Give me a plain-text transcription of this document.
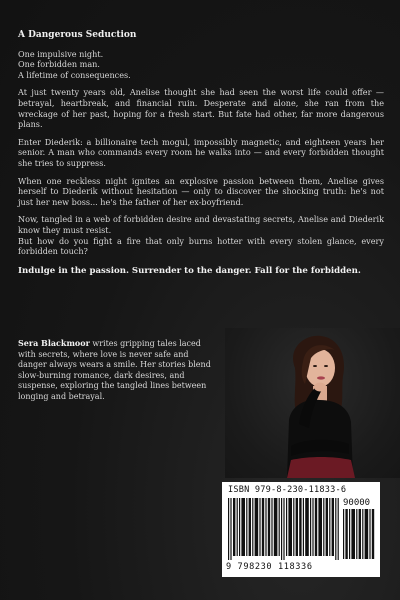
A Dangerous Seduction
One impulsive night.
One forbidden man.
A lifetime of consequences.

At just twenty years old, Anelise thought she had seen the worst life could offer — betrayal, heartbreak, and financial ruin. Desperate and alone, she ran from the wreckage of her past, hoping for a fresh start. But fate had other, far more dangerous plans.

Enter Diederik: a billionaire tech mogul, impossibly magnetic, and eighteen years her senior. A man who commands every room he walks into — and every forbidden thought she tries to suppress.

When one reckless night ignites an explosive passion between them, Anelise gives herself to Diederik without hesitation — only to discover the shocking truth: he's not just her new boss... he's the father of her ex-boyfriend.

Now, tangled in a web of forbidden desire and devastating secrets, Anelise and Diederik know they must resist.

But how do you fight a fire that only burns hotter with every stolen glance, every forbidden touch?

Indulge in the passion. Surrender to the danger. Fall for the forbidden.
Sera Blackmoor writes gripping tales laced with secrets, where love is never safe and danger always wears a smile. Her stories blend slow-burning romance, dark desires, and suspense, exploring the tangled lines between longing and betrayal.
ISBN 979-8-230-11833-6
90000
9 798230 118336
